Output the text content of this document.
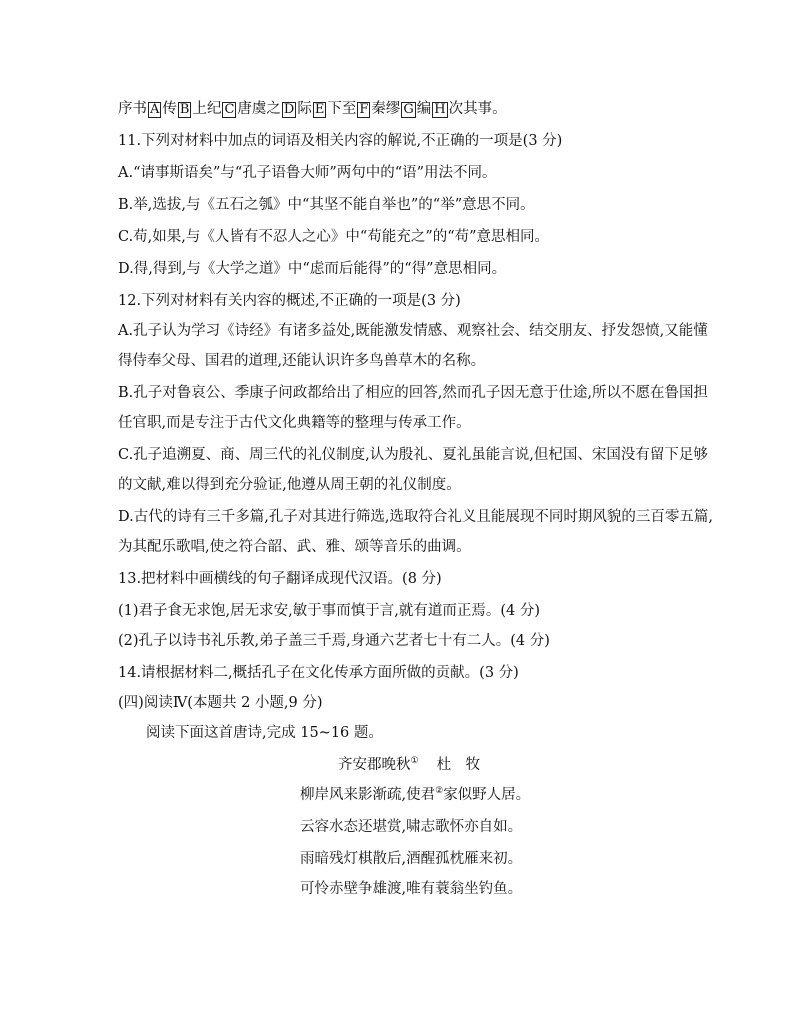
序书 A 传 B 上纪 C 唐虞之 D 际 E 下至 F 秦缪 G 编 H 次其事。
11.下列对材料中加点的词语及相关内容的解说,不正确的一项是(3 分)
A.“请事斯语矣”与“孔子语鲁大师”两句中的“语”用法不同。
B.举,选拔,与《五石之瓠》中“其坚不能自举也”的“举”意思不同。
C.苟,如果,与《人皆有不忍人之心》中“苟能充之”的“苟”意思相同。
D.得,得到,与《大学之道》中“虑而后能得”的“得”意思相同。
12.下列对材料有关内容的概述,不正确的一项是(3 分)
A.孔子认为学习《诗经》有诸多益处,既能激发情感、观察社会、结交朋友、抒发怨愤,又能懂
得侍奉父母、国君的道理,还能认识许多鸟兽草木的名称。
B.孔子对鲁哀公、季康子问政都给出了相应的回答,然而孔子因无意于仕途,所以不愿在鲁国担
任官职,而是专注于古代文化典籍等的整理与传承工作。
C.孔子追溯夏、商、周三代的礼仪制度,认为殷礼、夏礼虽能言说,但杞国、宋国没有留下足够
的文献,难以得到充分验证,他遵从周王朝的礼仪制度。
D.古代的诗有三千多篇,孔子对其进行筛选,选取符合礼义且能展现不同时期风貌的三百零五篇,
为其配乐歌唱,使之符合韶、武、雅、颂等音乐的曲调。
13.把材料中画横线的句子翻译成现代汉语。(8 分)
(1)君子食无求饱,居无求安,敏于事而慎于言,就有道而正焉。(4 分)
(2)孔子以诗书礼乐教,弟子盖三千焉,身通六艺者七十有二人。(4 分)
14.请根据材料二,概括孔子在文化传承方面所做的贡献。(3 分)
(四)阅读Ⅳ(本题共 2 小题,9 分)
阅读下面这首唐诗,完成 15~16 题。
齐安郡晚秋① 杜　牧
柳岸风来影渐疏,使君②家似野人居。
云容水态还堪赏,啸志歌怀亦自如。
雨暗残灯棋散后,酒醒孤枕雁来初。
可怜赤壁争雄渡,唯有蓑翁坐钓鱼。
